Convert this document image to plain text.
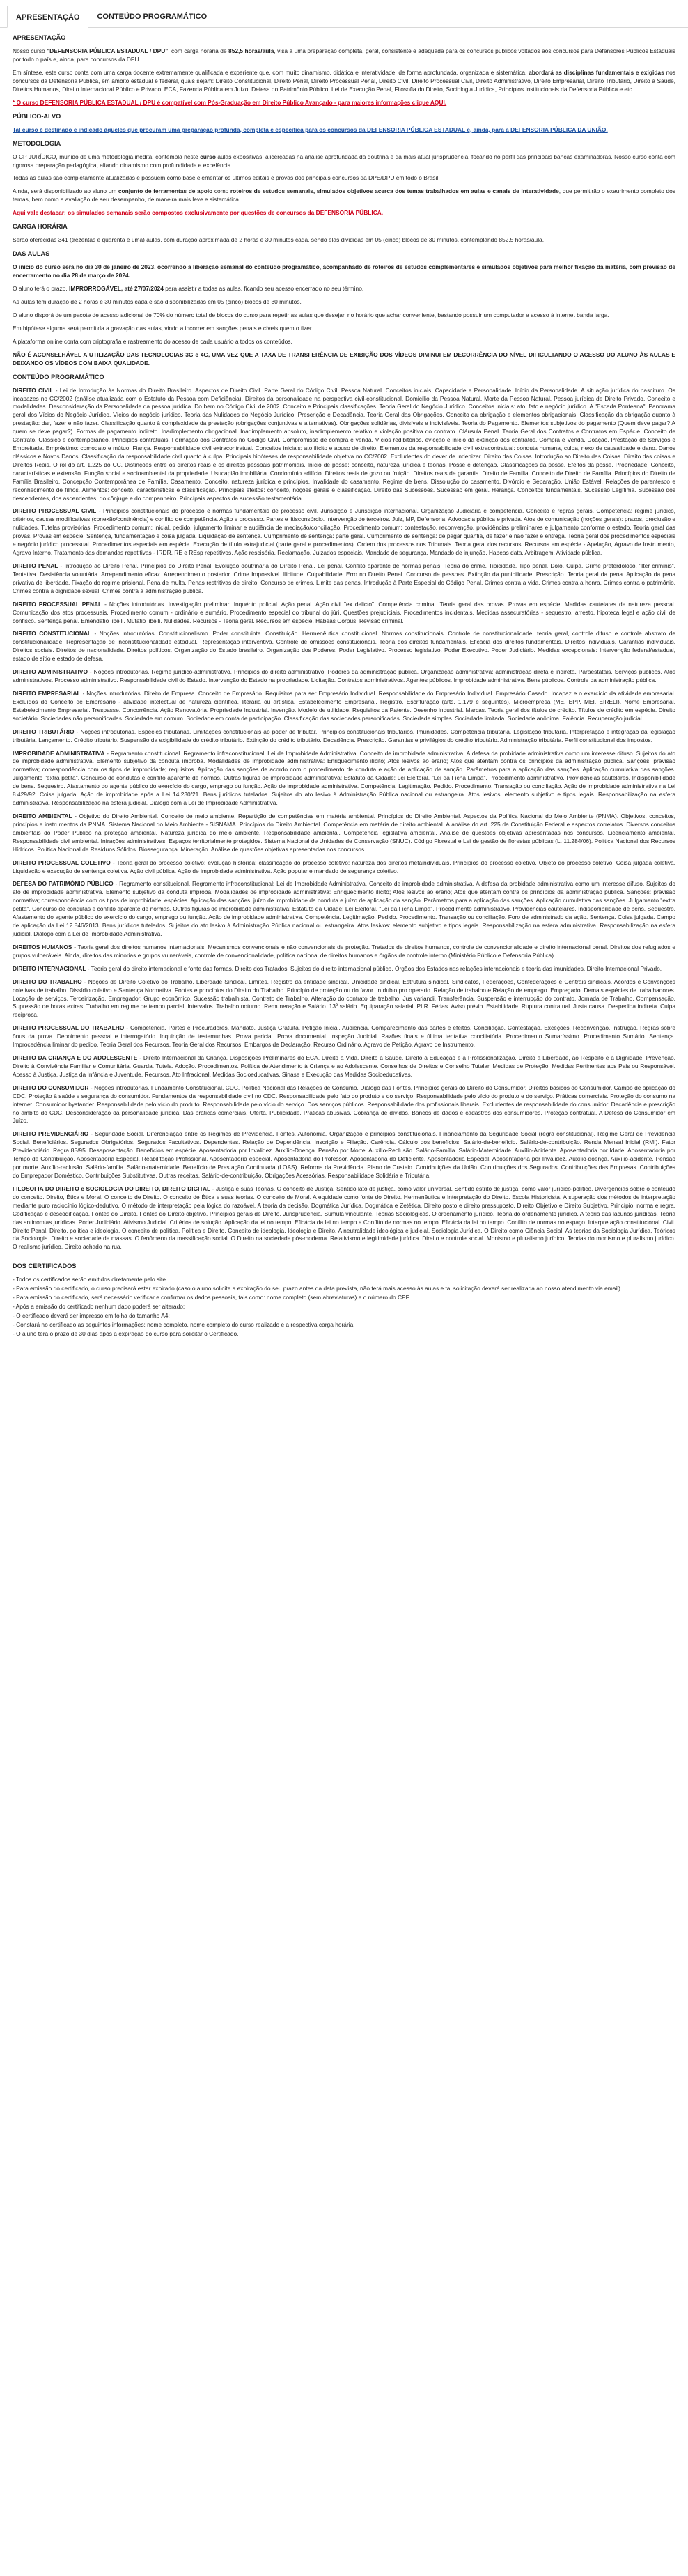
APRESENTAÇÃO	CONTEÚDO PROGRAMÁTICO

APRESENTAÇÃO

Nosso curso "DEFENSORIA PÚBLICA ESTADUAL / DPU", com carga horária de 852,5 horas/aula, visa à uma preparação completa, geral, consistente e adequada para os concursos públicos voltados aos concursos para Defensores Públicos Estaduais por todo o país e, ainda, para concursos da DPU.

Em síntese, este curso conta com uma carga docente extremamente qualificada e experiente que, com muito dinamismo, didática e interatividade, de forma aprofundada, organizada e sistemática, abordará as disciplinas fundamentais e exigidas nos concursos da Defensoria Pública, em âmbito estadual e federal, quais sejam: Direito Constitucional, Direito Penal, Direito Processual Penal, Direito Civil, Direito Processual Civil, Direito Administrativo, Direito Empresarial, Direito Tributário, Direito à Saúde, Direitos Humanos, Direito Internacional Público e Privado, ECA, Fazenda Pública em Juízo, Defesa do Patrimônio Público, Lei de Execução Penal, Filosofia do Direito, Sociologia Jurídica, Princípios Institucionais da Defensoria Pública e etc.

* O curso DEFENSORIA PÚBLICA ESTADUAL / DPU é compatível com Pós-Graduação em Direito Público Avançado - para maiores informações clique AQUI.

PÚBLICO-ALVO

Tal curso é destinado e indicado àqueles que procuram uma preparação profunda, completa e específica para os concursos da DEFENSORIA PÚBLICA ESTADUAL e, ainda, para a DEFENSORIA PÚBLICA DA UNIÃO.

METODOLOGIA

O CP JURÍDICO, munido de uma metodologia inédita, contempla neste curso aulas expositivas, alicerçadas na análise aprofundada da doutrina e da mais atual jurisprudência, focando no perfil das principais bancas examinadoras. Nosso curso conta com rigorosa preparação pedagógica, aliando dinamismo com profundidade e excelência.

Todas as aulas são completamente atualizadas e possuem como base elementar os últimos editais e provas dos principais concursos da DPE/DPU em todo o Brasil.

Ainda, será disponibilizado ao aluno um conjunto de ferramentas de apoio como roteiros de estudos semanais, simulados objetivos acerca dos temas trabalhados em aulas e canais de interatividade, que permitirão o exaurimento completo dos temas, bem como a avaliação de seu desempenho, de maneira mais leve e sistemática.

Aqui vale destacar: os simulados semanais serão compostos exclusivamente por questões de concursos da DEFENSORIA PÚBLICA.

CARGA HORÁRIA

Serão oferecidas 341 (trezentas e quarenta e uma) aulas, com duração aproximada de 2 horas e 30 minutos cada, sendo elas divididas em 05 (cinco) blocos de 30 minutos, contemplando 852,5 horas/aula.

DAS AULAS

O início do curso será no dia 30 de janeiro de 2023, ocorrendo a liberação semanal do conteúdo programático, acompanhado de roteiros de estudos complementares e simulados objetivos para melhor fixação da matéria, com previsão de encerramento no dia 28 de março de 2024.

O aluno terá o prazo, IMPRORROGÁVEL, até 27/07/2024 para assistir a todas as aulas, ficando seu acesso encerrado no seu término.

As aulas têm duração de 2 horas e 30 minutos cada e são disponibilizadas em 05 (cinco) blocos de 30 minutos.

O aluno disporá de um pacote de acesso adicional de 70% do número total de blocos do curso para repetir as aulas que desejar, no horário que achar conveniente, bastando possuir um computador e acesso à internet banda larga.

Em hipótese alguma será permitida a gravação das aulas, vindo a incorrer em sanções penais e cíveis quem o fizer.

A plataforma online conta com criptografia e rastreamento do acesso de cada usuário a todos os conteúdos.

NÃO É ACONSELHÁVEL A UTILIZAÇÃO DAS TECNOLOGIAS 3G e 4G, UMA VEZ QUE A TAXA DE TRANSFERÊNCIA DE EXIBIÇÃO DOS VÍDEOS DIMINUI EM DECORRÊNCIA DO NÍVEL DIFICULTANDO O ACESSO DO ALUNO ÀS AULAS E DEIXANDO OS VÍDEOS COM BAIXA QUALIDADE.

CONTEÚDO PROGRAMÁTICO

DIREITO CIVIL - Lei de Introdução às Normas do Direito Brasileiro. Aspectos de Direito Civil. Parte Geral do Código Civil. Pessoa Natural. Conceitos iniciais. Capacidade e Personalidade. Início da Personalidade. A situação jurídica do nascituro. Os incapazes no CC/2002 (análise atualizada com o Estatuto da Pessoa com Deficiência). Direitos da personalidade na perspectiva civil-constitucional. Domicílio da Pessoa Natural. Morte da Pessoa Natural. Pessoa jurídica de Direito Privado. Conceito e modalidades. Desconsideração da Personalidade da pessoa jurídica. Do bem no Código Civil de 2002. Conceito e Principais classificações. Teoria Geral do Negócio Jurídico. Conceitos iniciais: ato, fato e negócio jurídico. A "Escada Ponteana". Panorama geral dos Vícios do Negócio Jurídico. Vícios do negócio jurídico. Teoria das Nulidades do Negócio Jurídico. Prescrição e Decadência. Teoria Geral das Obrigações. Conceito da obrigação e elementos obrigacionais. Classificação da obrigação quanto à prestação: dar, fazer e não fazer. Classificação quanto à complexidade da prestação (obrigações conjuntivas e alternativas). Obrigações solidárias, divisíveis e indivisíveis. Teoria do Pagamento. Elementos subjetivos do pagamento (Quem deve pagar? A quem se deve pagar?). Formas de pagamento indireto. Inadimplemento obrigacional. Inadimplemento absoluto, inadimplemento relativo e violação positiva do contrato. Cláusula Penal. Teoria Geral dos Contratos e Contratos em Espécie. Conceito de Contrato. Clássico e contemporâneo. Princípios contratuais. Formação dos Contratos no Código Civil. Compromisso de compra e venda. Vícios redibitórios, evicção e início da extinção dos contratos. Compra e Venda. Doação. Prestação de Serviços e Empreitada. Empréstimo: comodato e mútuo. Fiança. Responsabilidade civil extracontratual. Conceitos iniciais: ato ilícito e abuso de direito. Elementos da responsabilidade civil extracontratual: conduta humana, culpa, nexo de causalidade e dano. Danos clássicos e Novos Danos. Classificação da responsabilidade civil quanto à culpa. Principais hipóteses de responsabilidade objetiva no CC/2002. Excludentes do dever de indenizar. Direito das Coisas. Introdução ao Direito das Coisas. Direito das coisas e Direitos Reais. O rol do art. 1.225 do CC. Distinções entre os direitos reais e os direitos pessoais patrimoniais. Início de posse: conceito, natureza jurídica e teorias. Posse e detenção. Classificações da posse. Efeitos da posse. Propriedade. Conceito, características e extensão. Função social e socioambiental da propriedade. Usucapião imobiliária. Condomínio edilício. Direitos reais de gozo ou fruição. Direitos reais de garantia. Direito de Família. Conceito de Direito de Família. Princípios do Direito de Família Brasileiro. Concepção Contemporânea de Família. Casamento. Conceito, natureza jurídica e princípios. Invalidade do casamento. Regime de bens. Dissolução do casamento. Divórcio e Separação. União Estável. Relações de parentesco e reconhecimento de filhos. Alimentos: conceito, características e classificação. Principais efeitos: conceito, noções gerais e classificação. Direito das Sucessões. Sucessão em geral. Herança. Conceitos fundamentais. Sucessão Legítima. Sucessão dos descendentes, dos ascendentes, do cônjuge e do companheiro. Princípais aspectos da sucessão testamentária.

DIREITO PROCESSUAL CIVIL - Princípios constitucionais do processo e normas fundamentais de processo civil. Jurisdição e Jurisdição internacional. Organização Judiciária e competência. Conceito e regras gerais. Competência: regime jurídico, critérios, causas modificativas (conexão/continência) e conflito de competência. Ação e processo. Partes e litisconsórcio. Intervenção de terceiros. Juiz, MP, Defensoria, Advocacia pública e privada. Atos de comunicação (noções gerais): prazos, preclusão e nulidades. Tutelas provisórias. Procedimento comum: inicial, pedido, julgamento liminar e audiência de mediação/conciliação. Procedimento comum: contestação, reconvenção, providências preliminares e julgamento conforme o estado. Teoria geral das provas. Provas em espécie. Sentença, fundamentação e coisa julgada. Liquidação de sentença. Cumprimento de sentença: parte geral. Cumprimento de sentença: de pagar quantia, de fazer e não fazer e entrega. Teoria geral dos procedimentos especiais e negócio jurídico processual. Procedimentos especiais em espécie. Execução de título extrajudicial (parte geral e procedimentos). Ordem dos processos nos Tribunais. Teoria geral dos recursos. Recursos em espécie - Apelação, Agravo de Instrumento, Agravo Interno. Tratamento das demandas repetitivas - IRDR, RE e REsp repetitivos. Ação rescisória. Reclamação. Juizados especiais. Mandado de segurança. Mandado de injunção. Habeas data. Arbitragem. Atividade pública.

DIREITO PENAL - Introdução ao Direito Penal. Princípios do Direito Penal. Evolução doutrinária do Direito Penal. Lei penal. Conflito aparente de normas penais. Teoria do crime. Tipicidade. Tipo penal. Dolo. Culpa. Crime preterdoloso. "Iter criminis". Tentativa. Desistência voluntária. Arrependimento eficaz. Arrependimento posterior. Crime Impossível. Ilicitude. Culpabilidade. Erro no Direito Penal. Concurso de pessoas. Extinção da punibilidade. Prescrição. Teoria geral da pena. Aplicação da pena privativa de liberdade. Fixação do regime prisional. Pena de multa. Penas restritivas de direito. Concurso de crimes. Limite das penas. Introdução à Parte Especial do Código Penal. Crimes contra a vida. Crimes contra a honra. Crimes contra o patrimônio. Crimes contra a dignidade sexual. Crimes contra a administração pública.

DIREITO PROCESSUAL PENAL - Noções introdutórias. Investigação preliminar: Inquérito policial. Ação penal. Ação civil "ex delicto". Competência criminal. Teoria geral das provas. Provas em espécie. Medidas cautelares de natureza pessoal. Comunicação dos atos processuais. Procedimento comum - ordinário e sumário. Procedimento especial do tribunal do júri. Questões prejudiciais. Procedimentos incidentais. Medidas assecuratórias - sequestro, arresto, hipoteca legal e ação civil de confisco. Sentença penal. Emendatio libelli. Mutatio libelli. Nulidades. Recursos - Teoria geral. Recursos em espécie. Habeas Corpus. Revisão criminal.

DIREITO CONSTITUCIONAL - Noções introdutórias. Constitucionalismo. Poder constituinte. Constituição. Hermenêutica constitucional. Normas constitucionais. Controle de constitucionalidade: teoria geral, controle difuso e controle abstrato de constitucionalidade. Representação de inconstitucionalidade estadual. Representação interventiva. Controle de omissões constitucionais. Teoria dos direitos fundamentais. Eficácia dos direitos fundamentais. Direitos individuais. Garantias individuais. Direitos sociais. Direitos de nacionalidade. Direitos políticos. Organização do Estado brasileiro. Organização dos Poderes. Poder Legislativo. Processo legislativo. Poder Executivo. Poder Judiciário. Medidas excepcionais: Intervenção federal/estadual, estado de sítio e estado de defesa.

DIREITO ADMINISTRATIVO - Noções introdutórias. Regime jurídico-administrativo. Princípios do direito administrativo. Poderes da administração pública. Organização administrativa: administração direta e indireta. Paraestatais. Serviços públicos. Atos administrativos. Processo administrativo. Responsabilidade civil do Estado. Intervenção do Estado na propriedade. Licitação. Contratos administrativos. Agentes públicos. Improbidade administrativa. Bens públicos. Controle da administração pública.

DIREITO EMPRESARIAL - Noções introdutórias. Direito de Empresa. Conceito de Empresário. Requisitos para ser Empresário Individual. Responsabilidade do Empresário Individual. Empresário Casado. Incapaz e o exercício da atividade empresarial. Excluídos do Conceito de Empresário - atividade intelectual de natureza científica, literária ou artística. Estabelecimento Empresarial. Registro. Escrituração (arts. 1.179 e seguintes). Microempresa (ME, EPP, MEI, EIRELI). Nome Empresarial. Estabelecimento Empresarial. Trespasse. Concorrência. Ação Renovatória. Propriedade Industrial. Invenção. Modelo de utilidade. Requisitos da Patente. Desenho Industrial. Marcas. Teoria geral dos títulos de crédito. Títulos de crédito em espécie. Direito societário. Sociedades não personificadas. Sociedade em comum. Sociedade em conta de participação. Classificação das sociedades personificadas. Sociedade simples. Sociedade limitada. Sociedade anônima. Falência. Recuperação judicial.

DIREITO TRIBUTÁRIO - Noções introdutórias. Espécies tributárias. Limitações constitucionais ao poder de tributar. Princípios constitucionais tributários. Imunidades. Competência tributária. Legislação tributária. Interpretação e integração da legislação tributária. Lançamento. Crédito tributário. Suspensão da exigibilidade do crédito tributário. Extinção do crédito tributário. Decadência. Prescrição. Garantias e privilégios do crédito tributário. Administração tributária. Perfil constitucional dos impostos.

IMPROBIDADE ADMINISTRATIVA - Regramento constitucional. Regramento infraconstitucional: Lei de Improbidade Administrativa. Conceito de improbidade administrativa. A defesa da probidade administrativa como um interesse difuso. Sujeitos do ato de improbidade administrativa. Elemento subjetivo da conduta ímproba. Modalidades de improbidade administrativa: Enriquecimento ilícito; Atos lesivos ao erário; Atos que atentam contra os princípios da administração pública. Sanções: previsão normativa; correspondência com os tipos de improbidade; requisitos. Aplicação das sanções de acordo com o procedimento de conduta e ação de aplicação de sanção. Parâmetros para a aplicação das sanções. Aplicação cumulativa das sanções. Julgamento "extra petita". Concurso de condutas e conflito aparente de normas. Outras figuras de improbidade administrativa: Estatuto da Cidade; Lei Eleitoral. "Lei da Ficha Limpa". Procedimento administrativo. Providências cautelares. Indisponibilidade de bens. Sequestro. Afastamento do agente público do exercício do cargo, emprego ou função. Ação de improbidade administrativa. Competência. Legitimação. Pedido. Procedimento. Transação ou conciliação. Ação de improbidade administrativa na Lei 8.429/92. Coisa julgada. Ação de improbidade após a Lei 14.230/21. Bens jurídicos tutelados. Sujeitos do ato lesivo à Administração Pública nacional ou estrangeira. Atos lesivos: elemento subjetivo e tipos legais. Responsabilização na esfera administrativa. Responsabilização na esfera judicial. Diálogo com a Lei de Improbidade Administrativa.

DIREITO AMBIENTAL - Objetivo do Direito Ambiental. Conceito de meio ambiente. Repartição de competências em matéria ambiental. Princípios do Direito Ambiental. Aspectos da Política Nacional do Meio Ambiente (PNMA). Objetivos, conceitos, princípios e instrumentos da PNMA. Sistema Nacional do Meio Ambiente - SISNAMA. Princípios do Direito Ambiental. Competência em matéria de direito ambiental. A análise do art. 225 da Constituição Federal e aspectos correlatos. Diversos conceitos ambientais do Poder Público na proteção ambiental. Natureza jurídica do meio ambiente. Responsabilidade ambiental. Competência legislativa ambiental. Análise de questões objetivas apresentadas nos concursos. Licenciamento ambiental. Responsabilidade civil ambiental. Infrações administrativas. Espaços territorialmente protegidos. Sistema Nacional de Unidades de Conservação (SNUC). Código Florestal e Lei de gestão de florestas públicas (L. 11.284/06). Política Nacional dos Recursos Hídricos. Política Nacional de Resíduos Sólidos. Biossegurança. Mineração. Análise de questões objetivas apresentadas nos concursos.

DIREITO PROCESSUAL COLETIVO - Teoria geral do processo coletivo: evolução histórica; classificação do processo coletivo; natureza dos direitos metaindividuais. Princípios do processo coletivo. Objeto do processo coletivo. Coisa julgada coletiva. Liquidação e execução de sentença coletiva. Ação civil pública. Ação de improbidade administrativa. Ação popular e mandado de segurança coletivo.

DEFESA DO PATRIMÔNIO PÚBLICO - Regramento constitucional. Regramento infraconstitucional: Lei de Improbidade Administrativa. Conceito de improbidade administrativa. A defesa da probidade administrativa como um interesse difuso. Sujeitos do ato de improbidade administrativa. Elemento subjetivo da conduta ímproba. Modalidades de improbidade administrativa: Enriquecimento ilícito; Atos lesivos ao erário; Atos que atentam contra os princípios da administração pública. Sanções: previsão normativa; correspondência com os tipos de improbidade; espécies. Aplicação das sanções: juízo de improbidade da conduta e juízo de aplicação da sanção. Parâmetros para a aplicação das sanções. Aplicação cumulativa das sanções. Julgamento "extra petita". Concurso de condutas e conflito aparente de normas. Outras figuras de improbidade administrativa: Estatuto da Cidade; Lei Eleitoral. "Lei da Ficha Limpa". Procedimento administrativo. Providências cautelares. Indisponibilidade de bens. Sequestro. Afastamento do agente público do exercício do cargo, emprego ou função. Ação de improbidade administrativa. Competência. Legitimação. Pedido. Procedimento. Transação ou conciliação. Foro de administrado da ação. Sentença. Coisa julgada. Campo de aplicação da Lei 12.846/2013. Bens jurídicos tutelados. Sujeitos do ato lesivo à Administração Pública nacional ou estrangeira. Atos lesivos: elemento subjetivo e tipos legais. Responsabilização na esfera administrativa. Responsabilização na esfera judicial. Diálogo com a Lei de Improbidade Administrativa.

DIREITOS HUMANOS - Teoria geral dos direitos humanos internacionais. Mecanismos convencionais e não convencionais de proteção. Tratados de direitos humanos, controle de convencionalidade e direito internacional penal. Direitos dos refugiados e grupos vulneráveis. Ainda, direitos das minorias e grupos vulneráveis, controle de convencionalidade, política nacional de direitos humanos e órgãos de controle interno (Ministério Público e Defensoria Pública).

DIREITO INTERNACIONAL - Teoria geral do direito internacional e fonte das formas. Direito dos Tratados. Sujeitos do direito internacional público. Órgãos dos Estados nas relações internacionais e teoria das imunidades. Direito Internacional Privado.

DIREITO DO TRABALHO - Noções de Direito Coletivo do Trabalho. Liberdade Sindical. Limites. Registro da entidade sindical. Unicidade sindical. Estrutura sindical. Sindicatos, Federações, Confederações e Centrais sindicais. Acordos e Convenções coletivas de trabalho. Dissídio coletivo e Sentença Normativa. Fontes e princípios do Direito do Trabalho. Princípio de proteção ou do favor. In dubio pro operario. Relação de trabalho e Relação de emprego. Empregado. Demais espécies de trabalhadores. Locação de serviços. Terceirização. Empregador. Grupo econômico. Sucessão trabalhista. Contrato de Trabalho. Alteração do contrato de trabalho. Jus variandi. Transferência. Suspensão e interrupção do contrato. Jornada de Trabalho. Compensação. Supressão de horas extras. Trabalho em regime de tempo parcial. Intervalos. Trabalho noturno. Remuneração e Salário. 13º salário. Equiparação salarial. PLR. Férias. Aviso prévio. Estabilidade. Ruptura contratual. Justa causa. Despedida indireta. Culpa recíproca.

DIREITO PROCESSUAL DO TRABALHO - Competência. Partes e Procuradores. Mandato. Justiça Gratuita. Petição Inicial. Audiência. Comparecimento das partes e efeitos. Conciliação. Contestação. Exceções. Reconvenção. Instrução. Regras sobre ônus da prova. Depoimento pessoal e interrogatório. Inquirição de testemunhas. Prova pericial. Prova documental. Inspeção Judicial. Razões finais e última tentativa conciliatória. Procedimento Sumaríssimo. Procedimento Sumário. Sentença. Improcedência liminar do pedido. Teoria Geral dos Recursos. Teoria Geral dos Recursos. Embargos de Declaração. Recurso Ordinário. Agravo de Petição. Agravo de Instrumento.

DIREITO DA CRIANÇA E DO ADOLESCENTE - Direito Internacional da Criança. Disposições Preliminares do ECA. Direito à Vida. Direito à Saúde. Direito à Educação e à Profissionalização. Direito à Liberdade, ao Respeito e à Dignidade. Prevenção. Direito à Convivência Familiar e Comunitária. Guarda. Tutela. Adoção. Procedimentos. Política de Atendimento à Criança e ao Adolescente. Conselhos de Direitos e Conselho Tutelar. Medidas de Proteção. Medidas Pertinentes aos Pais ou Responsável. Acesso à Justiça. Justiça da Infância e Juventude. Recursos. Ato Infracional. Medidas Socioeducativas. Sinase e Execução das Medidas Socioeducativas.

DIREITO DO CONSUMIDOR - Noções introdutórias. Fundamento Constitucional. CDC. Política Nacional das Relações de Consumo. Diálogo das Fontes. Princípios gerais do Direito do Consumidor. Direitos básicos do Consumidor. Campo de aplicação do CDC. Proteção à saúde e segurança do consumidor. Fundamentos da responsabilidade civil no CDC. Responsabilidade pelo fato do produto e do serviço. Responsabilidade pelo vício do produto e do serviço. Práticas comerciais. Proteção do consumo na internet. Consumidor bystander. Responsabilidade pelo vício do produto. Responsabilidade pelo vício do serviço. Dos serviços públicos. Responsabilidade dos profissionais liberais. Excludentes de responsabilidade do consumidor. Decadência e prescrição no âmbito do CDC. Desconsideração da personalidade jurídica. Das práticas comerciais. Oferta. Publicidade. Práticas abusivas. Cobrança de dívidas. Bancos de dados e cadastros dos consumidores. Proteção contratual. A Defesa do Consumidor em Juízo.

DIREITO PREVIDENCIÁRIO - Seguridade Social. Diferenciação entre os Regimes de Previdência. Fontes. Autonomia. Organização e princípios constitucionais. Financiamento da Seguridade Social (regra constitucional). Regime Geral de Previdência Social. Beneficiários. Segurados Obrigatórios. Segurados Facultativos. Dependentes. Relação de Dependência. Inscrição e Filiação. Carência. Cálculo dos benefícios. Salário-de-benefício. Salário-de-contribuição. Renda Mensal Inicial (RMI). Fator Previdenciário. Regra 85/95. Desaposentação. Benefícios em espécie. Aposentadoria por Invalidez. Auxílio-Doença. Pensão por Morte. Auxílio-Reclusão. Salário-Família. Salário-Maternidade. Auxílio-Acidente. Aposentadoria por Idade. Aposentadoria por Tempo de Contribuição. Aposentadoria Especial. Reabilitação Profissional. Aposentadoria especial. Aposentadoria do Professor. Aposentadoria do Deficiente. Aposentadoria Especial. Aposentadoria por Invalidez. Auxílio-doença. Auxílio-acidente. Pensão por morte. Auxílio-reclusão. Salário-família. Salário-maternidade. Benefício de Prestação Continuada (LOAS). Reforma da Previdência. Plano de Custeio. Contribuições da União. Contribuições dos Segurados. Contribuições das Empresas. Contribuições do Empregador Doméstico. Contribuições Substitutivas. Outras receitas. Salário-de-contribuição. Obrigações Acessórias. Responsabilidade Solidária e Tributária.

FILOSOFIA DO DIREITO e SOCIOLOGIA DO DIREITO, DIREITO DIGITAL - Justiça e suas Teorias. O conceito de Justiça. Sentido lato de justiça, como valor universal. Sentido estrito de justiça, como valor jurídico-político. Divergências sobre o conteúdo do conceito. Direito, Ética e Moral. O conceito de Direito. O conceito de Ética e suas teorias. O conceito de Moral. A equidade como fonte do Direito. Hermenêutica e Interpretação do Direito. Escola Historicista. A superação dos métodos de interpretação mediante puro raciocínio lógico-dedutivo. O método de interpretação pela lógica do razoável. A teoria da decisão. Dogmática Jurídica. Dogmática e Zetética. Direito posto e direito pressuposto. Direito Objetivo e Direito Subjetivo. Princípio, norma e regra. Codificação e descodificação. Fontes do Direito. Fontes do Direito objetivo. Princípios gerais de Direito. Jurisprudência. Súmula vinculante. Teorias Sociológicas. O ordenamento jurídico. Teoria do ordenamento jurídico. A teoria das lacunas jurídicas. Teoria das antinomias jurídicas. Poder Judiciário. Ativismo Judicial. Critérios de solução. Aplicação da lei no tempo. Eficácia da lei no tempo e Conflito de normas no tempo. Eficácia da lei no tempo. Conflito de normas no espaço. Interpretação constitucional. Civil. Direito Penal. Direito, política e ideologia. O conceito de política. Política e Direito. Conceito de ideologia. Ideologia e Direito. A neutralidade ideológica e judicial. Sociologia Jurídica. O Direito como Ciência Social. As teorias da Sociologia Jurídica. Teóricos da Sociologia. Direito e sociedade de massas. O fenômeno da massificação social. O Direito na sociedade pós-moderna. Relativismo e legitimidade jurídica. Direito e controle social. Monismo e pluralismo jurídico. Teorias do monismo e pluralismo jurídico. O realismo jurídico. Direito achado na rua.

DOS CERTIFICADOS

- Todos os certificados serão emitidos diretamente pelo site.
- Para emissão do certificado, o curso precisará estar expirado (caso o aluno solicite a expiração do seu prazo antes da data prevista, não terá mais acesso às aulas e tal solicitação deverá ser realizada ao nosso atendimento via email).
- Para emissão do certificado, será necessário verificar e confirmar os dados pessoais, tais como: nome completo (sem abreviaturas) e o número do CPF.
- Após a emissão do certificado nenhum dado poderá ser alterado;
- O certificado deverá ser impresso em folha do tamanho A4;
- Constará no certificado as seguintes informações: nome completo, nome completo do curso realizado e a respectiva carga horária;
- O aluno terá o prazo de 30 dias após a expiração do curso para solicitar o Certificado.
